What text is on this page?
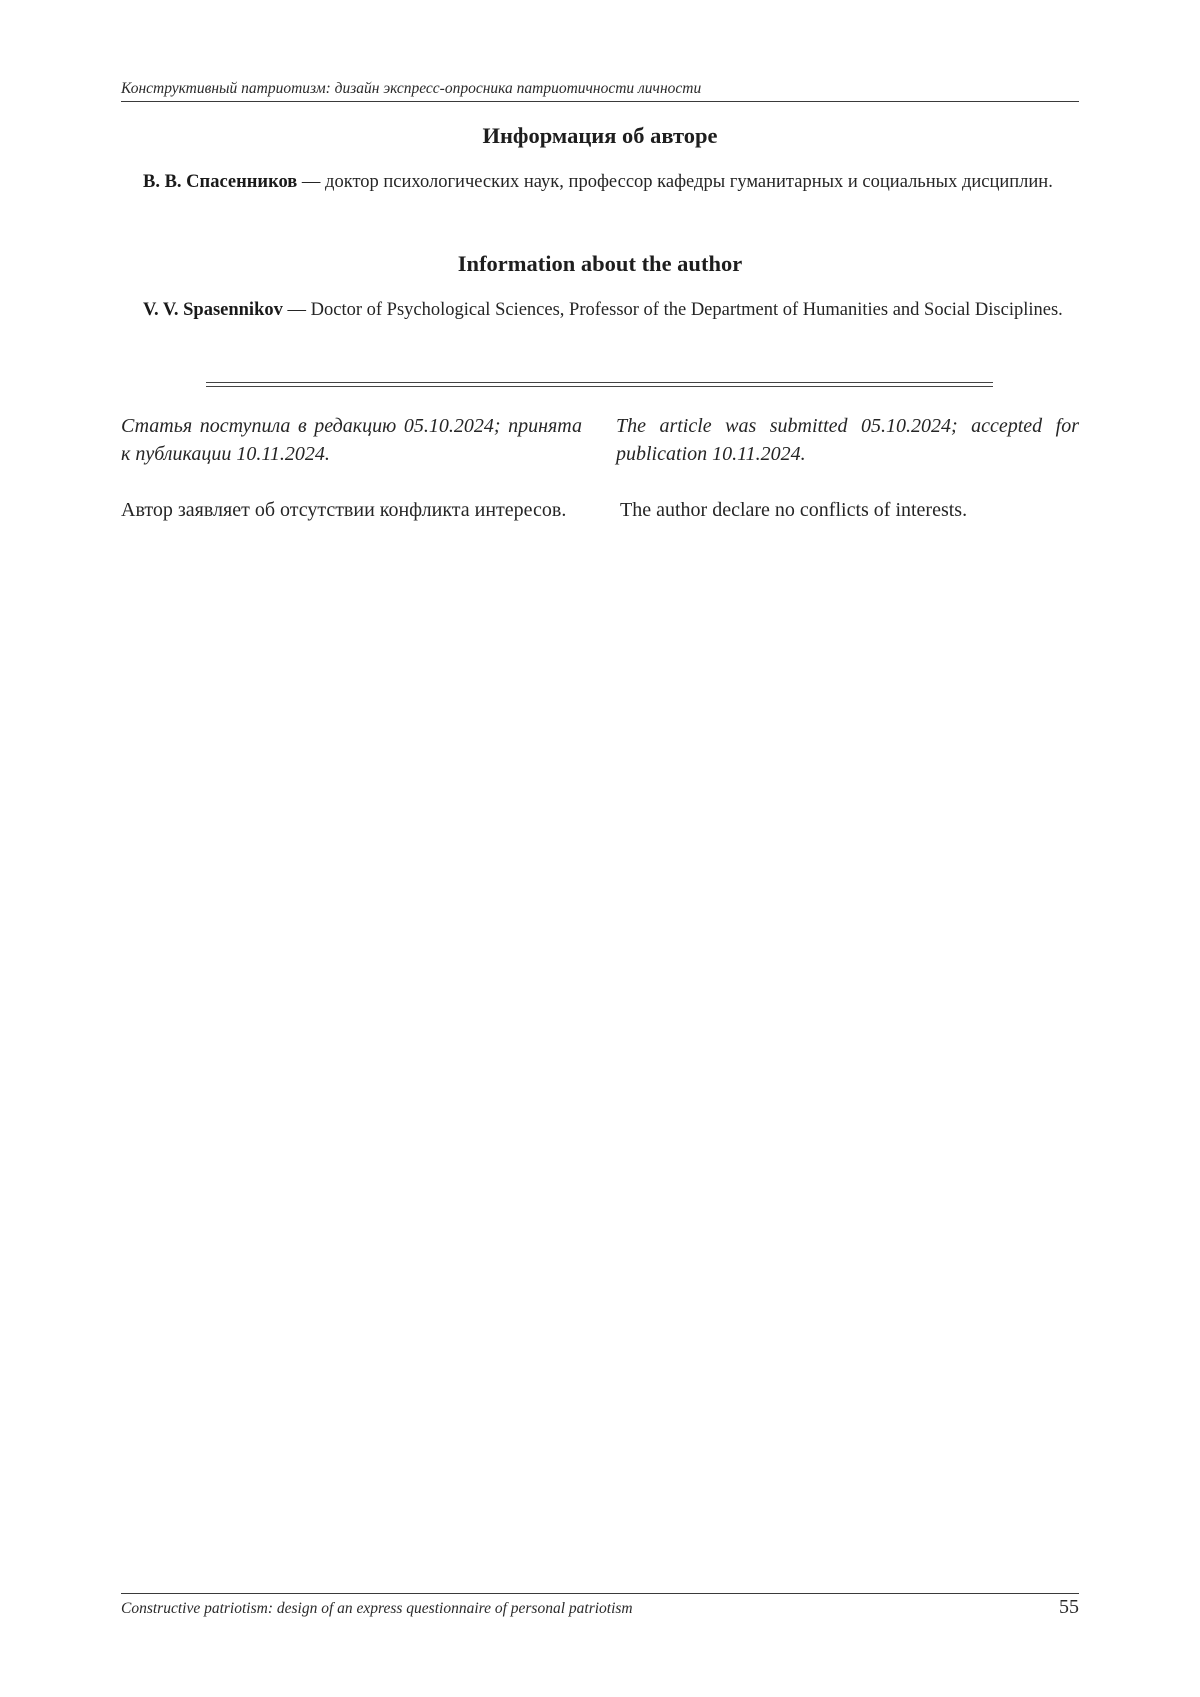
Конструктивный патриотизм: дизайн экспресс-опросника патриотичности личности
Информация об авторе
В. В. Спасенников — доктор психологических наук, профессор кафедры гуманитарных и социальных дисциплин.
Information about the author
V. V. Spasennikov — Doctor of Psychological Sciences, Professor of the Department of Humanities and Social Disciplines.
Статья поступила в редакцию 05.10.2024; принята к публикации 10.11.2024.
The article was submitted 05.10.2024; accepted for publication 10.11.2024.
Автор заявляет об отсутствии конфликта интересов.	The author declare no conflicts of interests.
Constructive patriotism: design of an express questionnaire of personal patriotism	55
